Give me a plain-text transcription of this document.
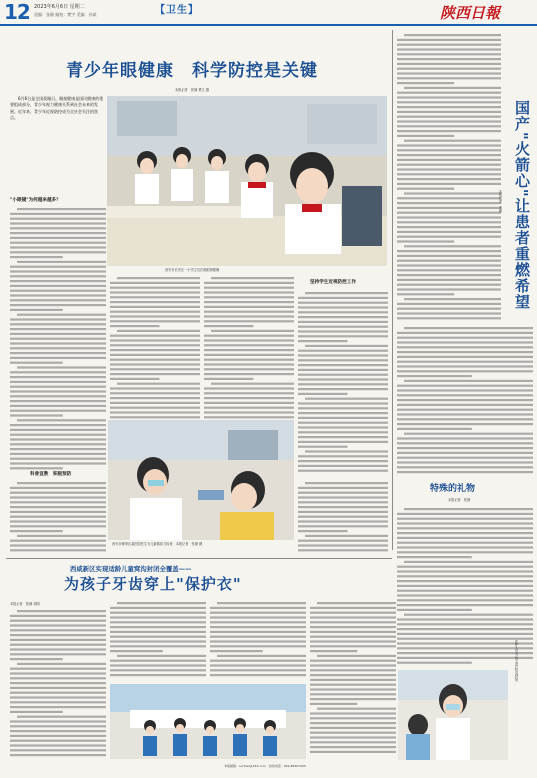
12 2023年6月6日 星期二
责编：张静 编校：樊宇 美编：孙斌	【卫生】	陕西日報
青少年眼健康　科学防控是关键
本报记者　张静 樊文 摄
6月6日是全国爱眼日。眼视健康是国民健康的重要组成部分，青少年视力健康关系到社会未来的发展。近年来，青少年近视防控成为全社会关注的焦点。
西安市长安区一小学生们在做眼保健操
"小眼镜"为何越来越多？
坚持学生近视防控工作
科普宣教　积极预防
西安市雁塔区某医院医生为儿童做视力检查　本报记者　张静 摄
国产"火箭心"让患者重燃希望
本报记者　李朝
特殊的礼物
本报记者　张静
西咸新区实现适龄儿童窝沟封闭全覆盖——
为孩子牙齿穿上"保护衣"
本报记者　张静 胡明
医护人员为孩子进行窝沟封闭
本版邮箱：sxrbws@163.com　热线电话：029-88267000
